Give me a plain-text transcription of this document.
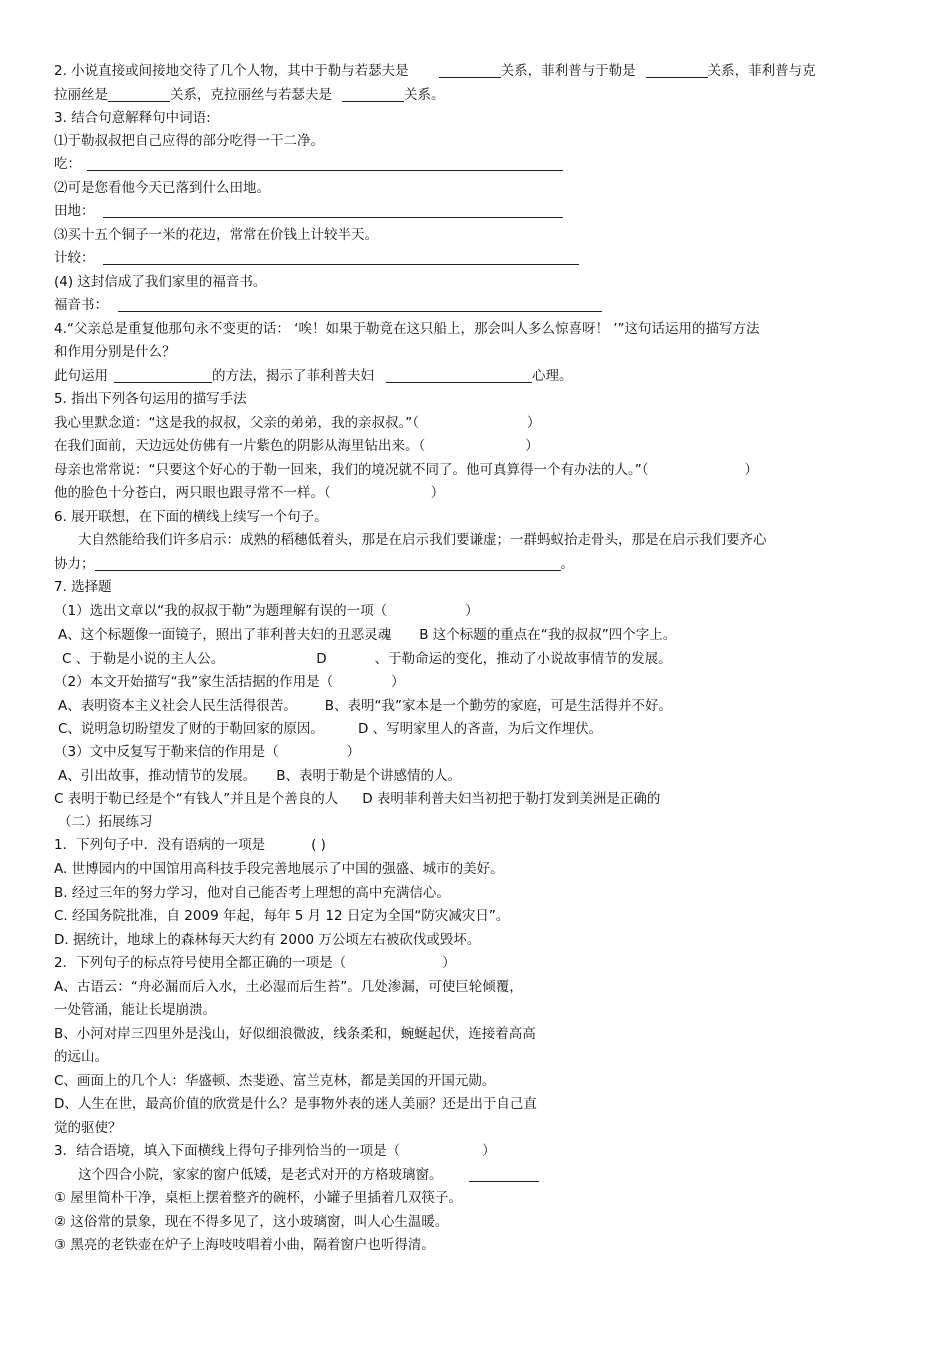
2. 小说直接或间接地交待了几个人物，其中于勒与若瑟夫是	关系，菲利普与于勒是	关系，菲利普与克
拉丽丝是	关系，克拉丽丝与若瑟夫是	关系。
3. 结合句意解释句中词语:
⑴于勒叔叔把自己应得的部分吃得一干二净。
吃：
⑵可是您看他今天已落到什么田地。
田地：
⑶买十五个铜子一米的花边，常常在价钱上计较半天。
计较：
(4) 这封信成了我们家里的福音书。
福音书：
4.“父亲总是重复他那句永不变更的话： ‘唉！如果于勒竟在这只船上，那会叫人多么惊喜呀！ ’”这句话运用的描写方法
和作用分别是什么？
此句运用	的方法，揭示了菲利普夫妇	心理。
5. 指出下列各句运用的描写手法
我心里默念道：“这是我的叔叔，父亲的弟弟，我的亲叔叔。”（	）
在我们面前，天边远处仿佛有一片紫色的阴影从海里钻出来。（	）
母亲也常常说：“只要这个好心的于勒一回来，我们的境况就不同了。他可真算得一个有办法的人。”（	）
他的脸色十分苍白，两只眼也跟寻常不一样。（	）
6. 展开联想，在下面的横线上续写一个句子。
大自然能给我们许多启示：成熟的稻穗低着头，那是在启示我们要谦虚；一群蚂蚁抬走骨头，那是在启示我们要齐心
协力；	。
7. 选择题
（1）选出文章以“我的叔叔于勒”为题理解有误的一项（	）
A、这个标题像一面镜子，照出了菲利普夫妇的丑恶灵魂 B 这个标题的重点在“我的叔叔”四个字上。
C 、于勒是小说的主人公。	D	、于勒命运的变化，推动了小说故事情节的发展。
（2）本文开始描写“我”家生活拮据的作用是（	）
A、表明资本主义社会人民生活得很苦。 B、表明“我”家本是一个勤劳的家庭，可是生活得并不好。
C、说明急切盼望发了财的于勒回家的原因。	D 、写明家里人的吝啬，为后文作埋伏。
（3）文中反复写于勒来信的作用是（	）
A、引出故事，推动情节的发展。 B、表明于勒是个讲感情的人。
C 表明于勒已经是个“有钱人”并且是个善良的人 D 表明菲利普夫妇当初把于勒打发到美洲是正确的
（二）拓展练习
1．下列句子中．没有语病的一项是	( )
A. 世博园内的中国馆用高科技手段完善地展示了中国的强盛、城市的美好。
B. 经过三年的努力学习，他对自己能否考上理想的高中充满信心。
C. 经国务院批准，自 2009 年起，每年 5 月 12 日定为全国“防灾减灾日”。
D. 据统计，地球上的森林每天大约有 2000 万公顷左右被砍伐或毁坏。
2．下列句子的标点符号使用全都正确的一项是（	）
A、古语云：“舟必漏而后入水，土必湿而后生苔”。几处渗漏，可使巨轮倾覆，
一处管涌，能让长堤崩溃。
B、小河对岸三四里外是浅山，好似细浪微波，线条柔和，蜿蜒起伏，连接着高高
的远山。
C、画面上的几个人：华盛顿、杰斐逊、富兰克林，都是美国的开国元勋。
D、人生在世，最高价值的欣赏是什么？是事物外表的迷人美丽？还是出于自己直
觉的驱使？
3．结合语境，填入下面横线上得句子排列恰当的一项是（	）
这个四合小院，家家的窗户低矮，是老式对开的方格玻璃窗。
① 屋里简朴干净，桌柜上摆着整齐的碗杯，小罐子里插着几双筷子。
② 这俗常的景象，现在不得多见了，这小玻璃窗，叫人心生温暖。
③ 黑亮的老铁壶在炉子上海吱吱唱着小曲，隔着窗户也听得清。
